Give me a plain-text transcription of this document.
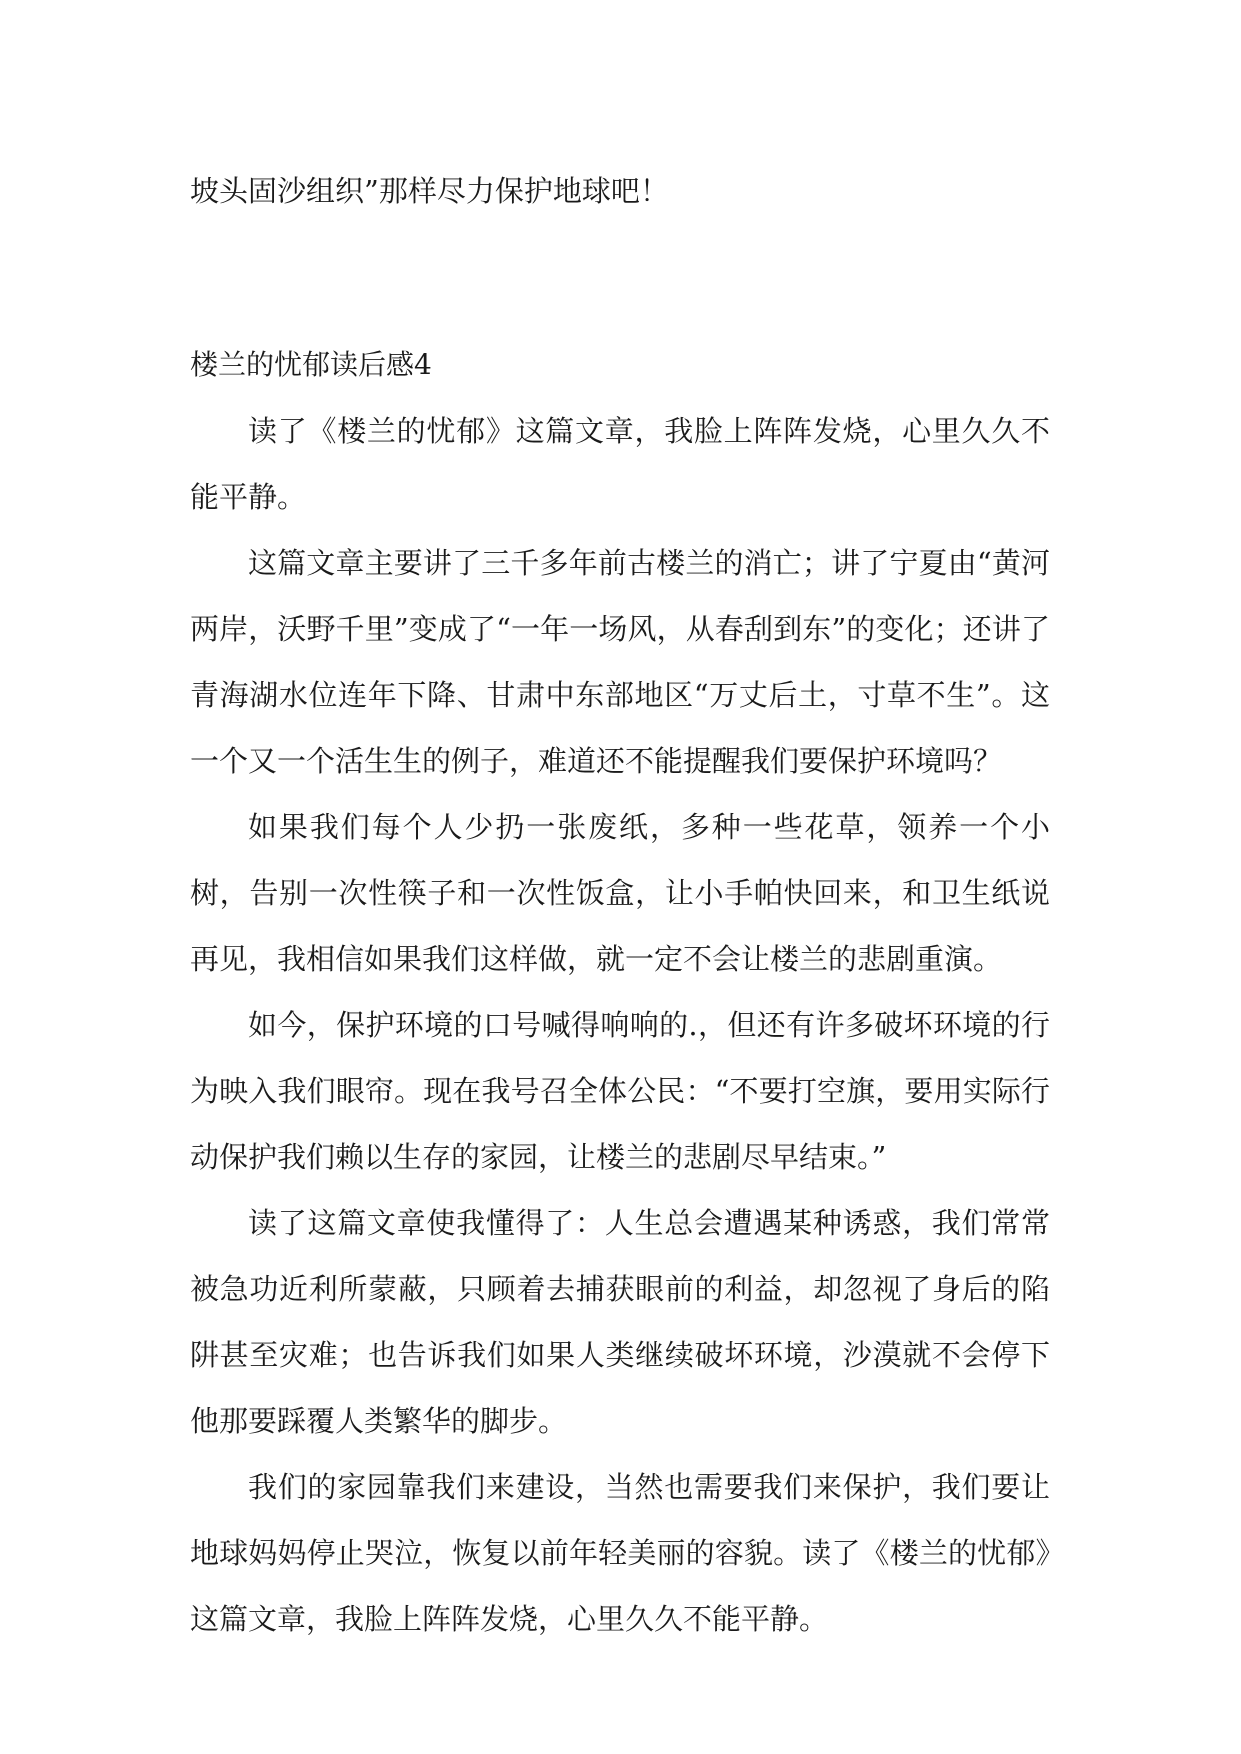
坡头固沙组织”那样尽力保护地球吧！

楼兰的忧郁读后感4

读了《楼兰的忧郁》这篇文章，我脸上阵阵发烧，心里久久不能平静。

这篇文章主要讲了三千多年前古楼兰的消亡；讲了宁夏由“黄河两岸，沃野千里”变成了“一年一场风，从春刮到东”的变化；还讲了青海湖水位连年下降、甘肃中东部地区“万丈后土，寸草不生”。这一个又一个活生生的例子，难道还不能提醒我们要保护环境吗？

如果我们每个人少扔一张废纸，多种一些花草，领养一个小树，告别一次性筷子和一次性饭盒，让小手帕快回来，和卫生纸说再见，我相信如果我们这样做，就一定不会让楼兰的悲剧重演。

如今，保护环境的口号喊得响响的.，但还有许多破坏环境的行为映入我们眼帘。现在我号召全体公民：“不要打空旗，要用实际行动保护我们赖以生存的家园，让楼兰的悲剧尽早结束。”

读了这篇文章使我懂得了：人生总会遭遇某种诱惑，我们常常被急功近利所蒙蔽，只顾着去捕获眼前的利益，却忽视了身后的陷阱甚至灾难；也告诉我们如果人类继续破坏环境，沙漠就不会停下他那要踩覆人类繁华的脚步。

我们的家园靠我们来建设，当然也需要我们来保护，我们要让地球妈妈停止哭泣，恢复以前年轻美丽的容貌。读了《楼兰的忧郁》这篇文章，我脸上阵阵发烧，心里久久不能平静。
